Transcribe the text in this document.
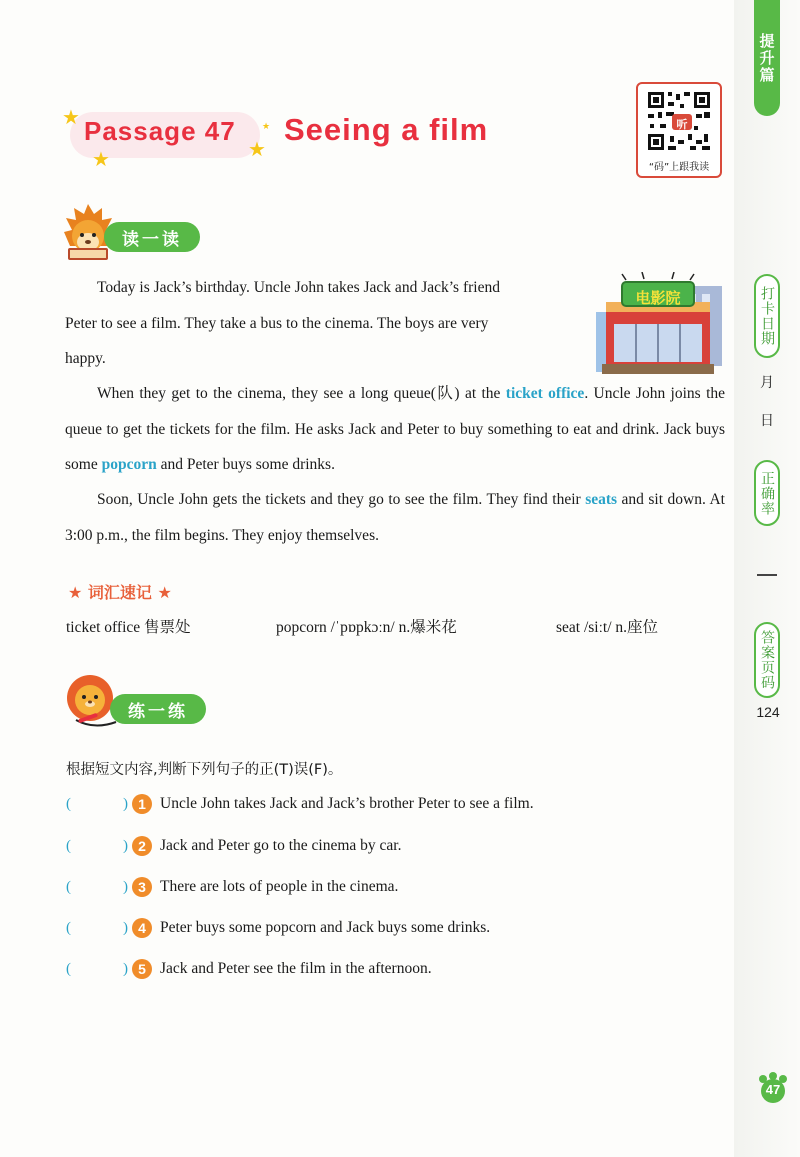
提升篇
打卡日期
月
日
正确率
答案页码
124
47
★
★	★
★
Passage 47 Seeing a film	听
“码”上跟我读
读一读
电影院
Today is Jack’s birthday. Uncle John takes Jack and Jack’s friend
Peter to see a film. They take a bus to the cinema. The boys are very
happy.
When they get to the cinema, they see a long queue(队) at the ticket office. Uncle John joins the queue to get the tickets for the film. He asks Jack and Peter to buy something to eat and drink. Jack buys some popcorn and Peter buys some drinks.
Soon, Uncle John gets the tickets and they go to see the film. They find their seats and sit down. At 3:00 p.m., the film begins. They enjoy themselves.
★ 词汇速记 ★
ticket office 售票处	popcorn /ˈpɒpkɔːn/ n.爆米花	seat /siːt/ n.座位
练一练
根据短文内容,判断下列句子的正(T)误(F)。
(	) 1 Uncle John takes Jack and Jack’s brother Peter to see a film.
(	) 2 Jack and Peter go to the cinema by car.
(	) 3 There are lots of people in the cinema.
(	) 4 Peter buys some popcorn and Jack buys some drinks.
(	) 5 Jack and Peter see the film in the afternoon.
